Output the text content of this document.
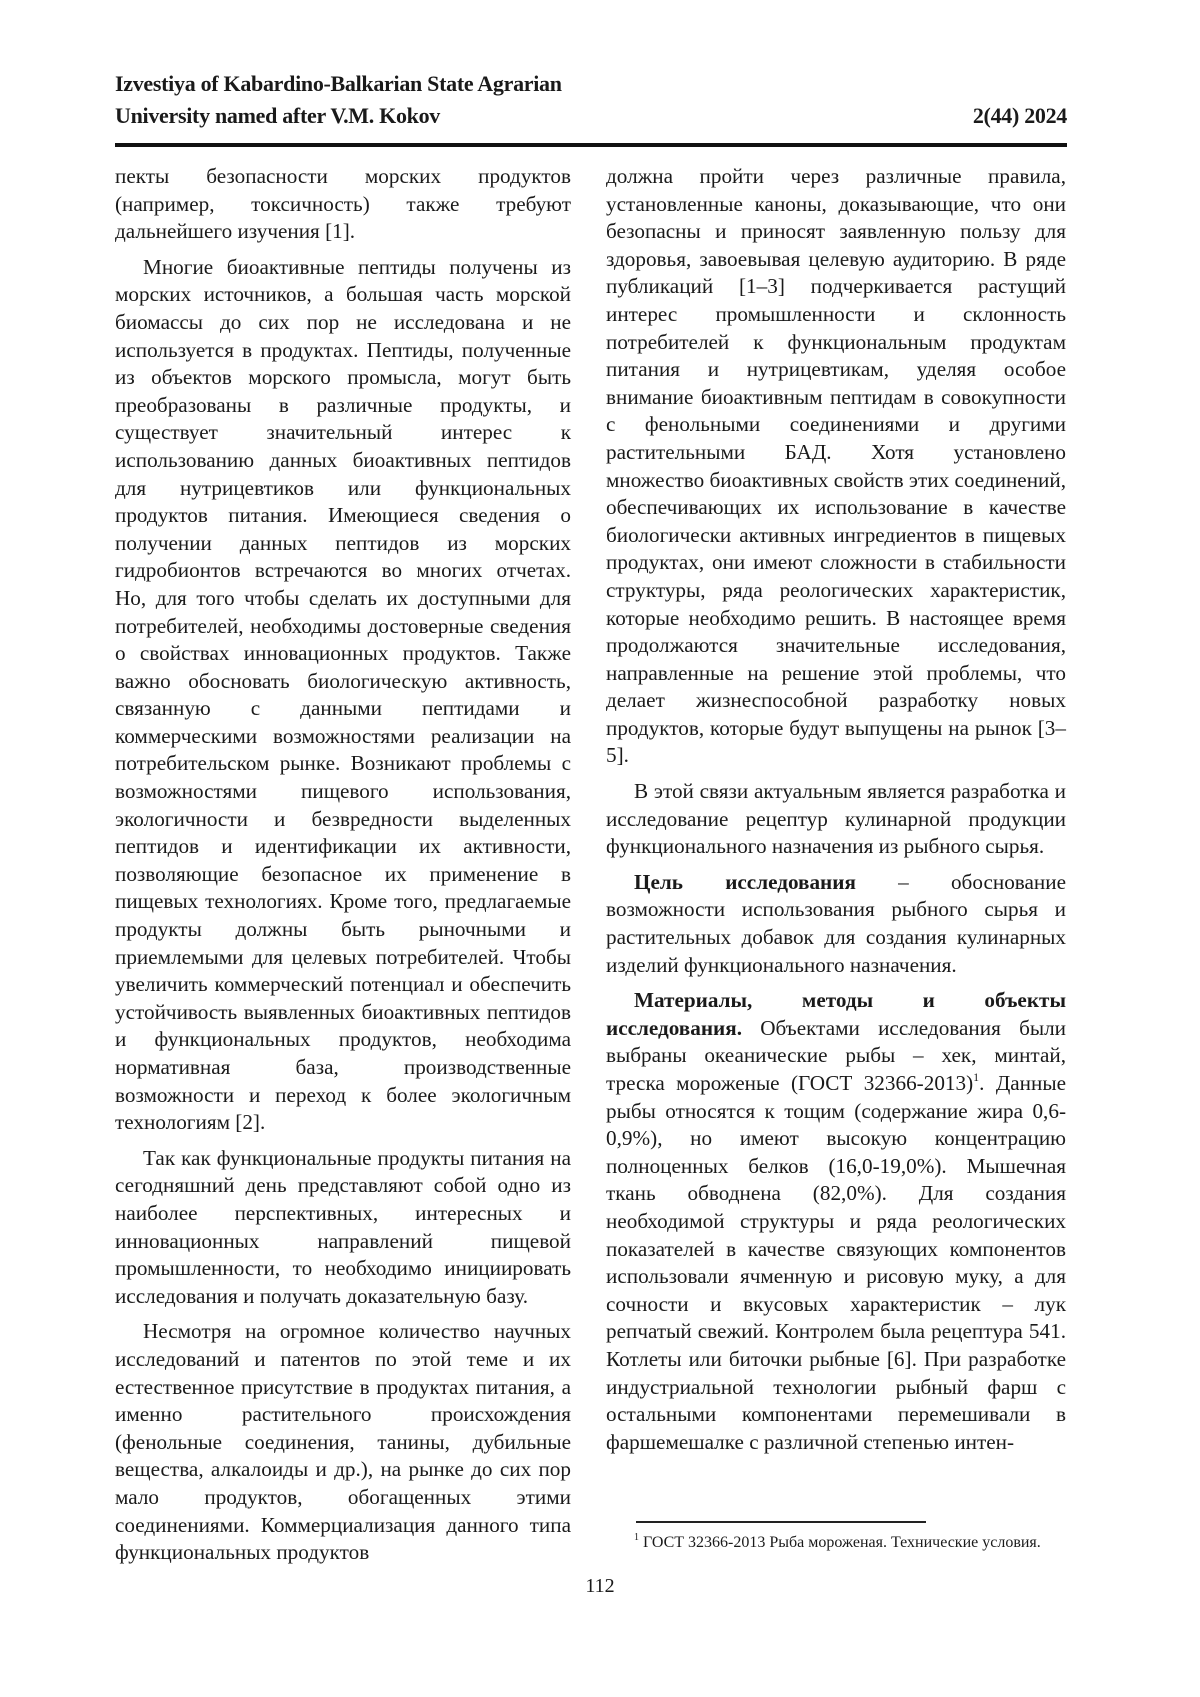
Izvestiya of Kabardino-Balkarian State Agrarian
University named after V.M. Kokov	2(44) 2024

пекты безопасности морских продуктов (например, токсичность) также требуют дальнейшего изучения [1].

Многие биоактивные пептиды получены из морских источников, а большая часть морской биомассы до сих пор не исследована и не используется в продуктах. Пептиды, полученные из объектов морского промысла, могут быть преобразованы в различные продукты, и существует значительный интерес к использованию данных биоактивных пептидов для нутрицевтиков или функциональных продуктов питания. Имеющиеся сведения о получении данных пептидов из морских гидробионтов встречаются во многих отчетах. Но, для того чтобы сделать их доступными для потребителей, необходимы достоверные сведения о свойствах инновационных продуктов. Также важно обосновать биологическую активность, связанную с данными пептидами и коммерческими возможностями реализации на потребительском рынке. Возникают проблемы с возможностями пищевого использования, экологичности и безвредности выделенных пептидов и идентификации их активности, позволяющие безопасное их применение в пищевых технологиях. Кроме того, предлагаемые продукты должны быть рыночными и приемлемыми для целевых потребителей. Чтобы увеличить коммерческий потенциал и обеспечить устойчивость выявленных биоактивных пептидов и функциональных продуктов, необходима нормативная база, производственные возможности и переход к более экологичным технологиям [2].

Так как функциональные продукты питания на сегодняшний день представляют собой одно из наиболее перспективных, интересных и инновационных направлений пищевой промышленности, то необходимо инициировать исследования и получать доказательную базу.

Несмотря на огромное количество научных исследований и патентов по этой теме и их естественное присутствие в продуктах питания, а именно растительного происхождения (фенольные соединения, танины, дубильные вещества, алкалоиды и др.), на рынке до сих пор мало продуктов, обогащенных этими соединениями. Коммерциализация данного типа функциональных продуктов

должна пройти через различные правила, установленные каноны, доказывающие, что они безопасны и приносят заявленную пользу для здоровья, завоевывая целевую аудиторию. В ряде публикаций [1–3] подчеркивается растущий интерес промышленности и склонность потребителей к функциональным продуктам питания и нутрицевтикам, уделяя особое внимание биоактивным пептидам в совокупности с фенольными соединениями и другими растительными БАД. Хотя установлено множество биоактивных свойств этих соединений, обеспечивающих их использование в качестве биологически активных ингредиентов в пищевых продуктах, они имеют сложности в стабильности структуры, ряда реологических характеристик, которые необходимо решить. В настоящее время продолжаются значительные исследования, направленные на решение этой проблемы, что делает жизнеспособной разработку новых продуктов, которые будут выпущены на рынок [3–5].

В этой связи актуальным является разработка и исследование рецептур кулинарной продукции функционального назначения из рыбного сырья.

Цель исследования – обоснование возможности использования рыбного сырья и растительных добавок для создания кулинарных изделий функционального назначения.

Материалы, методы и объекты исследования. Объектами исследования были выбраны океанические рыбы – хек, минтай, треска мороженые (ГОСТ 32366-2013)$^1$. Данные рыбы относятся к тощим (содержание жира 0,6-0,9%), но имеют высокую концентрацию полноценных белков (16,0-19,0%). Мышечная ткань обводнена (82,0%). Для создания необходимой структуры и ряда реологических показателей в качестве связующих компонентов использовали ячменную и рисовую муку, а для сочности и вкусовых характеристик – лук репчатый свежий. Контролем была рецептура 541. Котлеты или биточки рыбные [6]. При разработке индустриальной технологии рыбный фарш с остальными компонентами перемешивали в фаршемешалке с различной степенью интен-

$^1$ ГОСТ 32366-2013 Рыба мороженая. Технические условия.
112
